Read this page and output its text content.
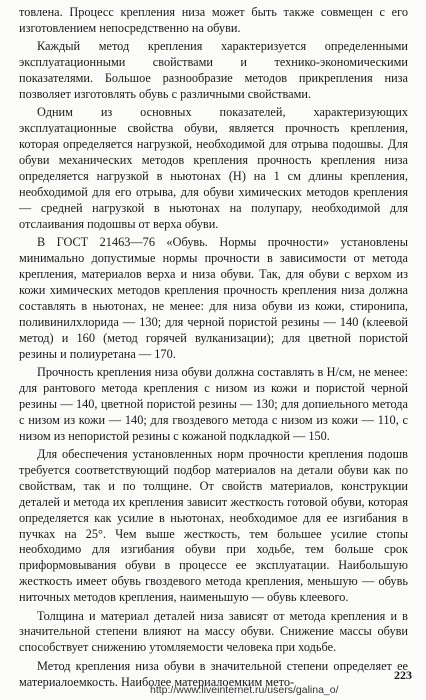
товлена. Процесс крепления низа может быть также совмещен с его изготовлением непосредственно на обуви.

Каждый метод крепления характеризуется определенными эксплуатационными свойствами и технико-экономическими показателями. Большое разнообразие методов прикрепления низа позволяет изготовлять обувь с различными свойствами.

Одним из основных показателей, характеризующих эксплуатационные свойства обуви, является прочность крепления, которая определяется нагрузкой, необходимой для отрыва подошвы. Для обуви механических методов крепления прочность крепления низа определяется нагрузкой в ньютонах (Н) на 1 см длины крепления, необходимой для его отрыва, для обуви химических методов крепления — средней нагрузкой в ньютонах на полупару, необходимой для отслаивания подошвы от верха обуви.

В ГОСТ 21463—76 «Обувь. Нормы прочности» установлены минимально допустимые нормы прочности в зависимости от метода крепления, материалов верха и низа обуви. Так, для обуви с верхом из кожи химических методов крепления прочность крепления низа должна составлять в ньютонах, не менее: для низа обуви из кожи, стиронипа, поливинилхлорида — 130; для черной пористой резины — 140 (клеевой метод) и 160 (метод горячей вулканизации); для цветной пористой резины и полиуретана — 170.

Прочность крепления низа обуви должна составлять в Н/см, не менее: для рантового метода крепления с низом из кожи и пористой черной резины — 140, цветной пористой резины — 130; для допиельного метода с низом из кожи — 140; для гвоздевого метода с низом из кожи — 110, с низом из непористой резины с кожаной подкладкой — 150.

Для обеспечения установленных норм прочности крепления подошв требуется соответствующий подбор материалов на детали обуви как по свойствам, так и по толщине. От свойств материалов, конструкции деталей и метода их крепления зависит жесткость готовой обуви, которая определяется как усилие в ньютонах, необходимое для ее изгибания в пучках на 25°. Чем выше жесткость, тем большее усилие стопы необходимо для изгибания обуви при ходьбе, тем больше срок приформовывания обуви в процессе ее эксплуатации. Наибольшую жесткость имеет обувь гвоздевого метода крепления, меньшую — обувь ниточных методов крепления, наименьшую — обувь клеевого.

Толщина и материал деталей низа зависят от метода крепления и в значительной степени влияют на массу обуви. Снижение массы обуви способствует снижению утомляемости человека при ходьбе.

Метод крепления низа обуви в значительной степени определяет ее материалоемкость. Наиболее материалоемким мето-	223
http://www.liveinternet.ru/users/galina_o/
